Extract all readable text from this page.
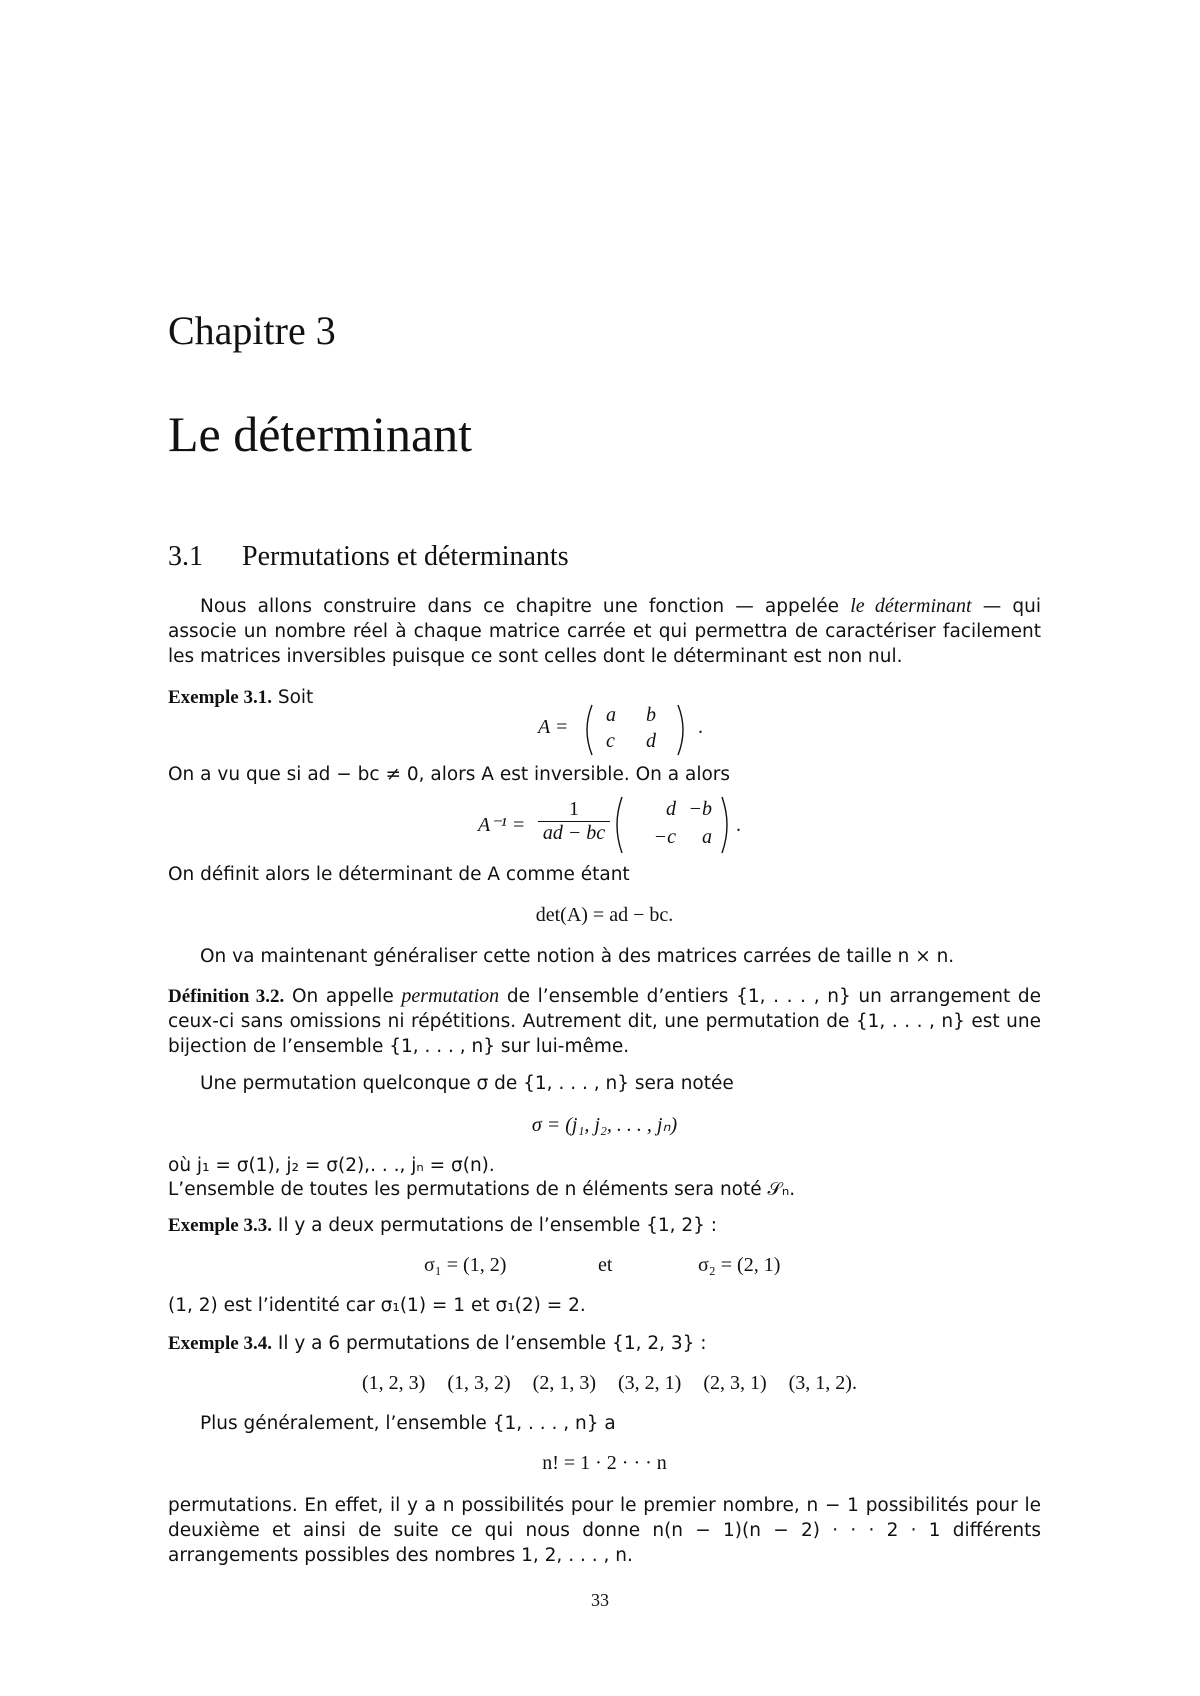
Chapitre 3
Le déterminant
3.1 Permutations et déterminants
Nous allons construire dans ce chapitre une fonction — appelée le déterminant — qui associe un nombre réel à chaque matrice carrée et qui permettra de caractériser facilement les matrices inversibles puisque ce sont celles dont le déterminant est non nul.
Exemple 3.1. Soit
A =
a b
c d
.
On a vu que si ad − bc ≠ 0, alors A est inversible. On a alors
$A^{-1} = \frac{1}{ad - bc}$	d −b
−c	a
.
On définit alors le déterminant de A comme étant
det(A) = ad − bc.
On va maintenant généraliser cette notion à des matrices carrées de taille n × n.
Définition 3.2. On appelle permutation de l’ensemble d’entiers {1, . . . , n} un arrangement de ceux-ci sans omissions ni répétitions. Autrement dit, une permutation de {1, . . . , n} est une bijection de l’ensemble {1, . . . , n} sur lui-même.
Une permutation quelconque σ de {1, . . . , n} sera notée
σ = (j₁, j₂, . . . , jₙ)
où j₁ = σ(1), j₂ = σ(2),. . ., jₙ = σ(n).
L’ensemble de toutes les permutations de n éléments sera noté 𝒮ₙ.
Exemple 3.3. Il y a deux permutations de l’ensemble {1, 2} :
σ₁ = (1, 2)	et	σ₂ = (2, 1)
(1, 2) est l’identité car σ₁(1) = 1 et σ₁(2) = 2.
Exemple 3.4. Il y a 6 permutations de l’ensemble {1, 2, 3} :
(1, 2, 3) (1, 3, 2) (2, 1, 3) (3, 2, 1) (2, 3, 1) (3, 1, 2).
Plus généralement, l’ensemble {1, . . . , n} a
n! = 1 · 2 · · · n
permutations. En effet, il y a n possibilités pour le premier nombre, n − 1 possibilités pour le deuxième et ainsi de suite ce qui nous donne n(n − 1)(n − 2) · · · 2 · 1 différents arrangements possibles des nombres 1, 2, . . . , n.
33
